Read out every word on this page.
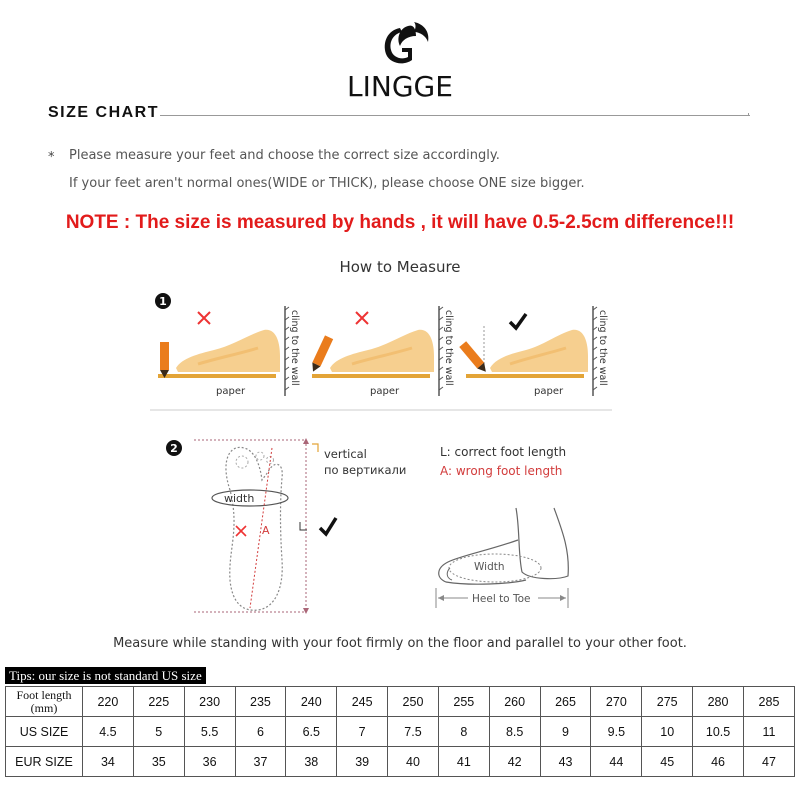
LINGGE
SIZE CHART
* Please measure your feet and choose the correct size accordingly.
If your feet aren't normal ones(WIDE or THICK), please choose ONE size bigger.
NOTE : The size is measured by hands , it will have 0.5-2.5cm difference!!!
How to Measure
1
paper
cling to the wall
paper
cling to the wall
paper
cling to the wall
2
width
A
vertical
по вертикали
L: correct foot length
A: wrong foot length
Width
Heel to Toe
Measure while standing with your foot firmly on the floor and parallel to your other foot.
Tips: our size is not standard US size
Foot length
(mm)	220	225	230	235	240	245	250	255	260	265	270	275	280	285
US SIZE	4.5	5	5.5	6	6.5	7	7.5	8	8.5	9	9.5	10	10.5	11
EUR SIZE	34	35	36	37	38	39	40	41	42	43	44	45	46	47
